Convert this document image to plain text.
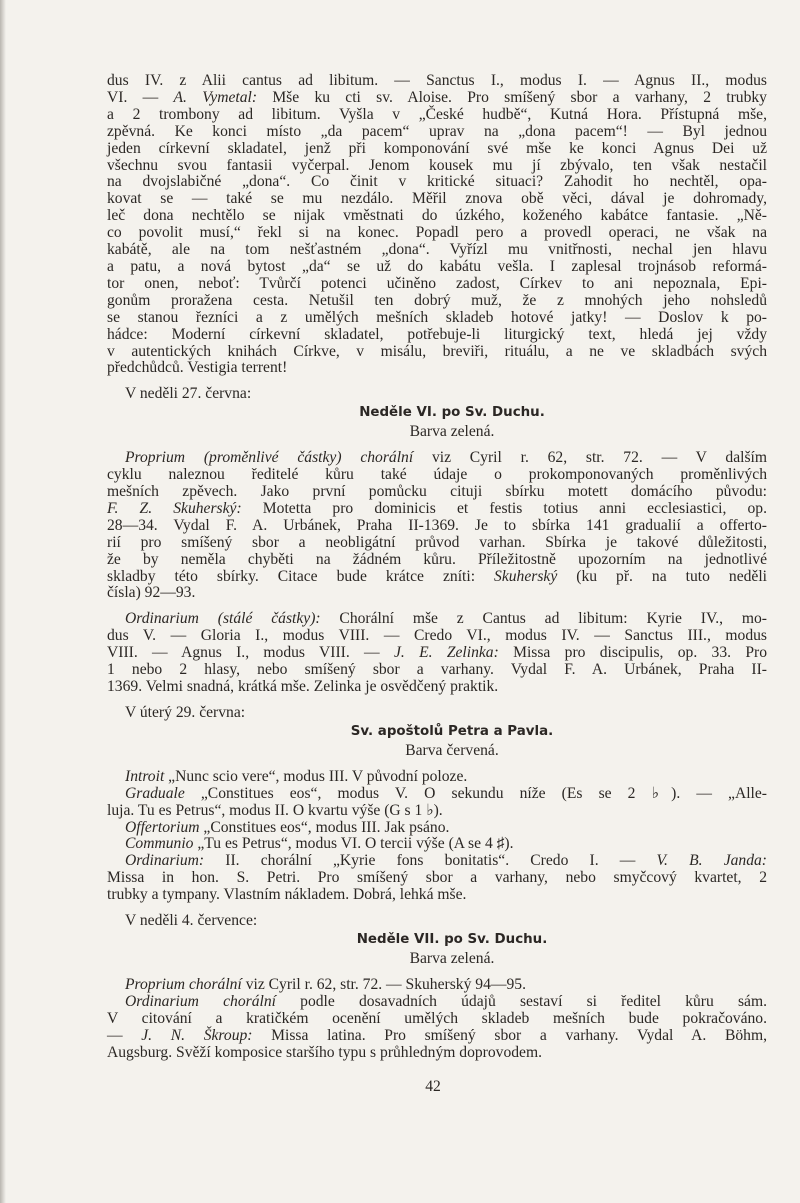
dus IV. z Alii cantus ad libitum. — Sanctus I., modus I. — Agnus II., modus
VI. — A. Vymetal: Mše ku cti sv. Aloise. Pro smíšený sbor a varhany, 2 trubky
a 2 trombony ad libitum. Vyšla v „České hudbě“, Kutná Hora. Přístupná mše,
zpěvná. Ke konci místo „da pacem“ uprav na „dona pacem“! — Byl jednou
jeden církevní skladatel, jenž při komponování své mše ke konci Agnus Dei už
všechnu svou fantasii vyčerpal. Jenom kousek mu jí zbývalo, ten však nestačil
na dvojslabičné „dona“. Co činit v kritické situaci? Zahodit ho nechtěl, opa-
kovat se — také se mu nezdálo. Měřil znova obě věci, dával je dohromady,
leč dona nechtělo se nijak vměstnati do úzkého, koženého kabátce fantasie. „Ně-
co povolit musí,“ řekl si na konec. Popadl pero a provedl operaci, ne však na
kabátě, ale na tom nešťastném „dona“. Vyřízl mu vnitřnosti, nechal jen hlavu
a patu, a nová bytost „da“ se už do kabátu vešla. I zaplesal trojnásob reformá-
tor onen, neboť: Tvůrčí potenci učiněno zadost, Církev to ani nepoznala, Epi-
gonům proražena cesta. Netušil ten dobrý muž, že z mnohých jeho nohsledů
se stanou řezníci a z umělých mešních skladeb hotové jatky! — Doslov k po-
hádce: Moderní církevní skladatel, potřebuje-li liturgický text, hledá jej vždy
v autentických knihách Církve, v misálu, breviři, rituálu, a ne ve skladbách svých
předchůdců. Vestigia terrent!
V neděli 27. června:
Neděle VI. po Sv. Duchu.
Barva zelená.
Proprium (proměnlivé částky) chorální viz Cyril r. 62, str. 72. — V dalším
cyklu naleznou ředitelé kůru také údaje o prokomponovaných proměnlivých
mešních zpěvech. Jako první pomůcku cituji sbírku motett domácího původu:
F. Z. Skuherský: Motetta pro dominicis et festis totius anni ecclesiastici, op.
28—34. Vydal F. A. Urbánek, Praha II-1369. Je to sbírka 141 gradualií a offerto-
rií pro smíšený sbor a neobligátní průvod varhan. Sbírka je takové důležitosti,
že by neměla chyběti na žádném kůru. Příležitostně upozorním na jednotlivé
skladby této sbírky. Citace bude krátce zníti: Skuherský (ku př. na tuto neděli
čísla) 92—93.
Ordinarium (stálé částky): Chorální mše z Cantus ad libitum: Kyrie IV., mo-
dus V. — Gloria I., modus VIII. — Credo VI., modus IV. — Sanctus III., modus
VIII. — Agnus I., modus VIII. — J. E. Zelinka: Missa pro discipulis, op. 33. Pro
1 nebo 2 hlasy, nebo smíšený sbor a varhany. Vydal F. A. Urbánek, Praha II-
1369. Velmi snadná, krátká mše. Zelinka je osvědčený praktik.
V úterý 29. června:
Sv. apoštolů Petra a Pavla.
Barva červená.
Introit „Nunc scio vere“, modus III. V původní poloze.
Graduale „Constitues eos“, modus V. O sekundu níže (Es se 2 ♭). — „Alle-
luja. Tu es Petrus“, modus II. O kvartu výše (G s 1 ♭).
Offertorium „Constitues eos“, modus III. Jak psáno.
Communio „Tu es Petrus“, modus VI. O tercii výše (A se 4 ♯).
Ordinarium: II. chorální „Kyrie fons bonitatis“. Credo I. — V. B. Janda:
Missa in hon. S. Petri. Pro smíšený sbor a varhany, nebo smyčcový kvartet, 2
trubky a tympany. Vlastním nákladem. Dobrá, lehká mše.
V neděli 4. července:
Neděle VII. po Sv. Duchu.
Barva zelená.
Proprium chorální viz Cyril r. 62, str. 72. — Skuherský 94—95.
Ordinarium chorální podle dosavadních údajů sestaví si ředitel kůru sám.
V citování a kratičkém ocenění umělých skladeb mešních bude pokračováno.
— J. N. Škroup: Missa latina. Pro smíšený sbor a varhany. Vydal A. Böhm,
Augsburg. Svěží komposice staršího typu s průhledným doprovodem.
42
